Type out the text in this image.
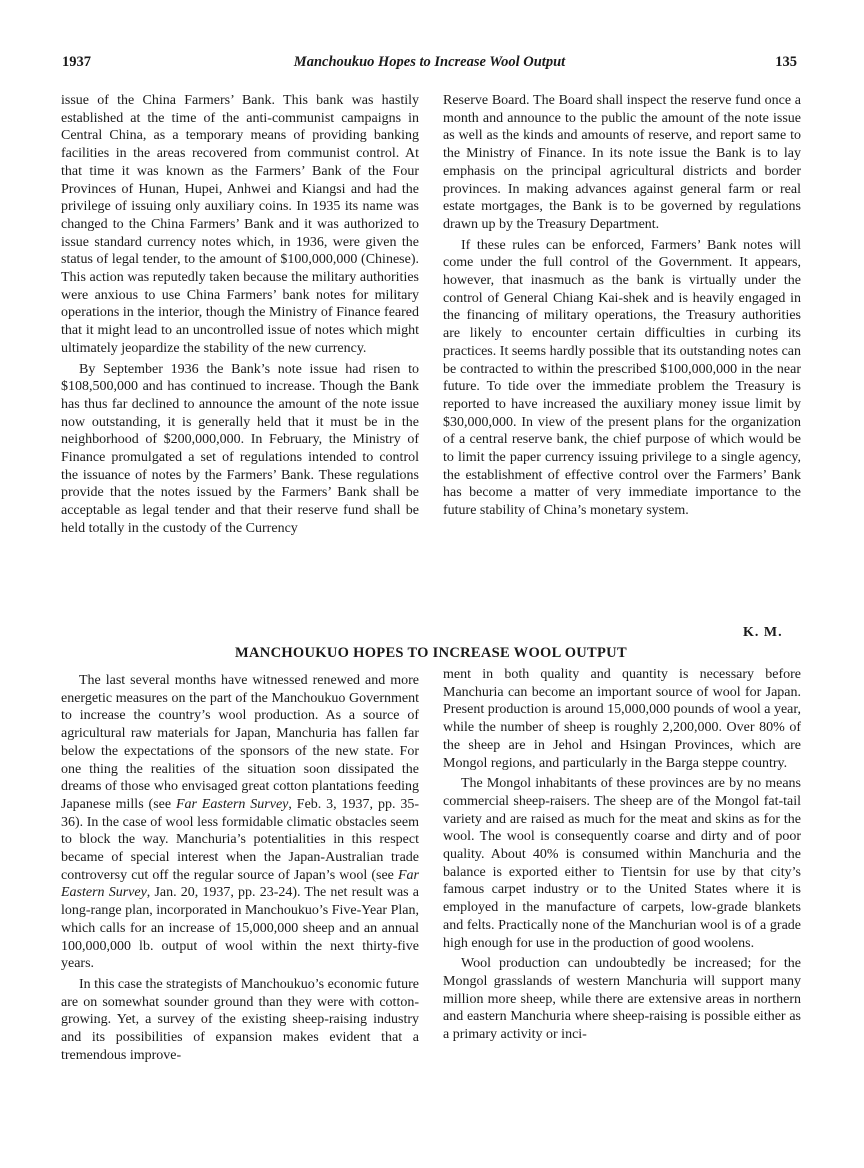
1937	Manchoukuo Hopes to Increase Wool Output	135

issue of the China Farmers’ Bank. This bank was hastily established at the time of the anti-communist campaigns in Central China, as a temporary means of providing banking facilities in the areas recovered from communist control. At that time it was known as the Farmers’ Bank of the Four Provinces of Hunan, Hupei, Anhwei and Kiangsi and had the privilege of issuing only auxiliary coins. In 1935 its name was changed to the China Farmers’ Bank and it was authorized to issue standard currency notes which, in 1936, were given the status of legal tender, to the amount of $100,000,000 (Chinese). This action was reputedly taken because the military authorities were anxious to use China Farmers’ bank notes for military operations in the interior, though the Ministry of Finance feared that it might lead to an uncontrolled issue of notes which might ultimately jeopardize the stability of the new currency.

By September 1936 the Bank’s note issue had risen to $108,500,000 and has continued to increase. Though the Bank has thus far declined to announce the amount of the note issue now outstanding, it is generally held that it must be in the neighborhood of $200,000,000. In February, the Ministry of Finance promulgated a set of regulations intended to control the issuance of notes by the Farmers’ Bank. These regulations provide that the notes issued by the Farmers’ Bank shall be acceptable as legal tender and that their reserve fund shall be held totally in the custody of the Currency

Reserve Board. The Board shall inspect the reserve fund once a month and announce to the public the amount of the note issue as well as the kinds and amounts of reserve, and report same to the Ministry of Finance. In its note issue the Bank is to lay emphasis on the principal agricultural districts and border provinces. In making advances against general farm or real estate mortgages, the Bank is to be governed by regulations drawn up by the Treasury Department.

If these rules can be enforced, Farmers’ Bank notes will come under the full control of the Government. It appears, however, that inasmuch as the bank is virtually under the control of General Chiang Kai-shek and is heavily engaged in the financing of military operations, the Treasury authorities are likely to encounter certain difficulties in curbing its practices. It seems hardly possible that its outstanding notes can be contracted to within the prescribed $100,000,000 in the near future. To tide over the immediate problem the Treasury is reported to have increased the auxiliary money issue limit by $30,000,000. In view of the present plans for the organization of a central reserve bank, the chief purpose of which would be to limit the paper currency issuing privilege to a single agency, the establishment of effective control over the Farmers’ Bank has become a matter of very immediate importance to the future stability of China’s monetary system.

K. M.
MANCHOUKUO HOPES TO INCREASE WOOL OUTPUT

The last several months have witnessed renewed and more energetic measures on the part of the Manchoukuo Government to increase the country’s wool production. As a source of agricultural raw materials for Japan, Manchuria has fallen far below the expectations of the sponsors of the new state. For one thing the realities of the situation soon dissipated the dreams of those who envisaged great cotton plantations feeding Japanese mills (see Far Eastern Survey, Feb. 3, 1937, pp. 35-36). In the case of wool less formidable climatic obstacles seem to block the way. Manchuria’s potentialities in this respect became of special interest when the Japan-Australian trade controversy cut off the regular source of Japan’s wool (see Far Eastern Survey, Jan. 20, 1937, pp. 23-24). The net result was a long-range plan, incorporated in Manchoukuo’s Five-Year Plan, which calls for an increase of 15,000,000 sheep and an annual 100,000,000 lb. output of wool within the next thirty-five years.

In this case the strategists of Manchoukuo’s economic future are on somewhat sounder ground than they were with cotton-growing. Yet, a survey of the existing sheep-raising industry and its possibilities of expansion makes evident that a tremendous improve-

ment in both quality and quantity is necessary before Manchuria can become an important source of wool for Japan. Present production is around 15,000,000 pounds of wool a year, while the number of sheep is roughly 2,200,000. Over 80% of the sheep are in Jehol and Hsingan Provinces, which are Mongol regions, and particularly in the Barga steppe country.

The Mongol inhabitants of these provinces are by no means commercial sheep-raisers. The sheep are of the Mongol fat-tail variety and are raised as much for the meat and skins as for the wool. The wool is consequently coarse and dirty and of poor quality. About 40% is consumed within Manchuria and the balance is exported either to Tientsin for use by that city’s famous carpet industry or to the United States where it is employed in the manufacture of carpets, low-grade blankets and felts. Practically none of the Manchurian wool is of a grade high enough for use in the production of good woolens.

Wool production can undoubtedly be increased; for the Mongol grasslands of western Manchuria will support many million more sheep, while there are extensive areas in northern and eastern Manchuria where sheep-raising is possible either as a primary activity or inci-
